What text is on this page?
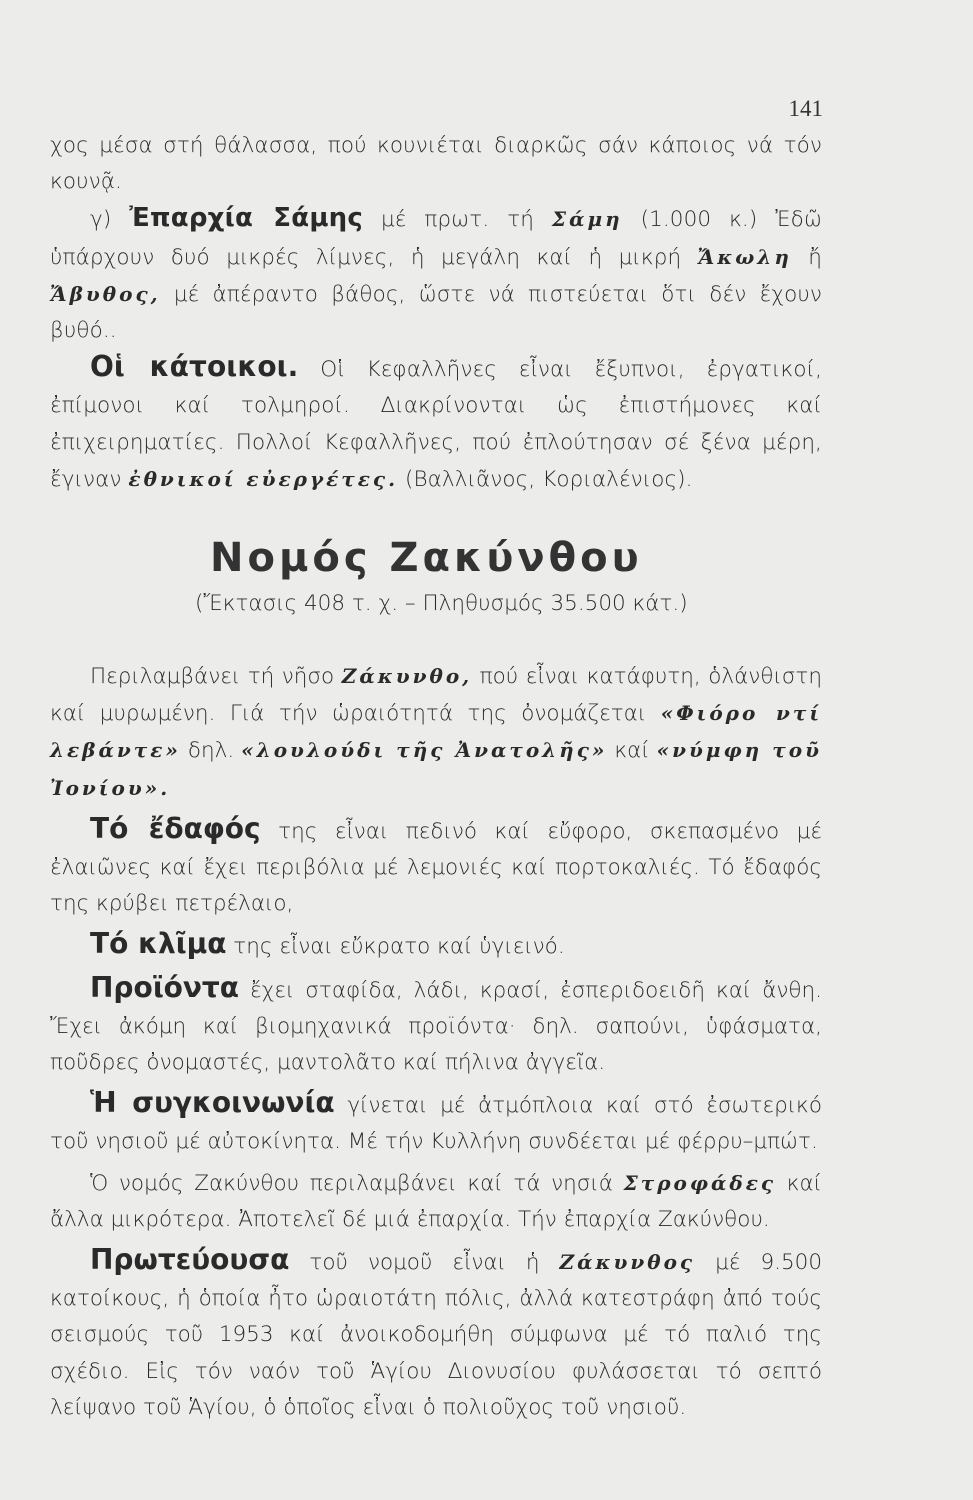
141

χος μέσα στή θάλασσα, πού κουνιέται διαρκῶς σάν κάποιος νά τόν κουνᾷ.

γ) Ἐπαρχία Σάμης μέ πρωτ. τή Σάμη (1.000 κ.) Ἐδῶ ὑπάρχουν δυό μικρές λίμνες, ἡ μεγάλη καί ἡ μικρή Ἄκωλη ἤ Ἄβυθος, μέ ἀπέραντο βάθος, ὥστε νά πιστεύεται ὅτι δέν ἔχουν βυθό..

Οἱ κάτοικοι. Οἱ Κεφαλλῆνες εἶναι ἔξυπνοι, ἐργατικοί, ἐπίμονοι καί τολμηροί. Διακρίνονται ὡς ἐπιστήμονες καί ἐπιχειρηματίες. Πολλοί Κεφαλλῆνες, πού ἐπλούτησαν σέ ξένα μέρη, ἔγιναν ἐθνικοί εὐεργέτες. (Βαλλιᾶνος, Κοριαλένιος).

Νομός Ζακύνθου
(Ἔκτασις 408 τ. χ. – Πληθυσμός 35.500 κάτ.)

Περιλαμβάνει τή νῆσο Ζάκυνθο, πού εἶναι κατάφυτη, ὁλάνθιστη καί μυρωμένη. Γιά τήν ὡραιότητά της ὀνομάζεται «Φιόρο ντί λεβάντε» δηλ. «λουλούδι τῆς Ἀνατολῆς» καί «νύμφη τοῦ Ἰονίου».

Τό ἔδαφός της εἶναι πεδινό καί εὔφορο, σκεπασμένο μέ ἐλαιῶνες καί ἔχει περιβόλια μέ λεμονιές καί πορτοκαλιές. Τό ἔδαφός της κρύβει πετρέλαιο,

Τό κλῖμα της εἶναι εὔκρατο καί ὑγιεινό.

Προϊόντα ἔχει σταφίδα, λάδι, κρασί, ἐσπεριδοειδῆ καί ἄνθη. Ἔχει ἀκόμη καί βιομηχανικά προϊόντα· δηλ. σαπούνι, ὑφάσματα, ποῦδρες ὀνομαστές, μαντολᾶτο καί πήλινα ἀγγεῖα.

Ἡ συγκοινωνία γίνεται μέ ἀτμόπλοια καί στό ἐσωτερικό τοῦ νησιοῦ μέ αὐτοκίνητα. Μέ τήν Κυλλήνη συνδέεται μέ φέρρυ–μπώτ.

Ὁ νομός Ζακύνθου περιλαμβάνει καί τά νησιά Στροφάδες καί ἄλλα μικρότερα. Ἀποτελεῖ δέ μιά ἐπαρχία. Τήν ἐπαρχία Ζακύνθου.

Πρωτεύουσα τοῦ νομοῦ εἶναι ἡ Ζάκυνθος μέ 9.500 κατοίκους, ἡ ὁποία ἦτο ὡραιοτάτη πόλις, ἀλλά κατεστράφη ἀπό τούς σεισμούς τοῦ 1953 καί ἀνοικοδομήθη σύμφωνα μέ τό παλιό της σχέδιο. Εἰς τόν ναόν τοῦ Ἁγίου Διονυσίου φυλάσσεται τό σεπτό λείψανο τοῦ Ἁγίου, ὁ ὁποῖος εἶναι ὁ πολιοῦχος τοῦ νησιοῦ.
